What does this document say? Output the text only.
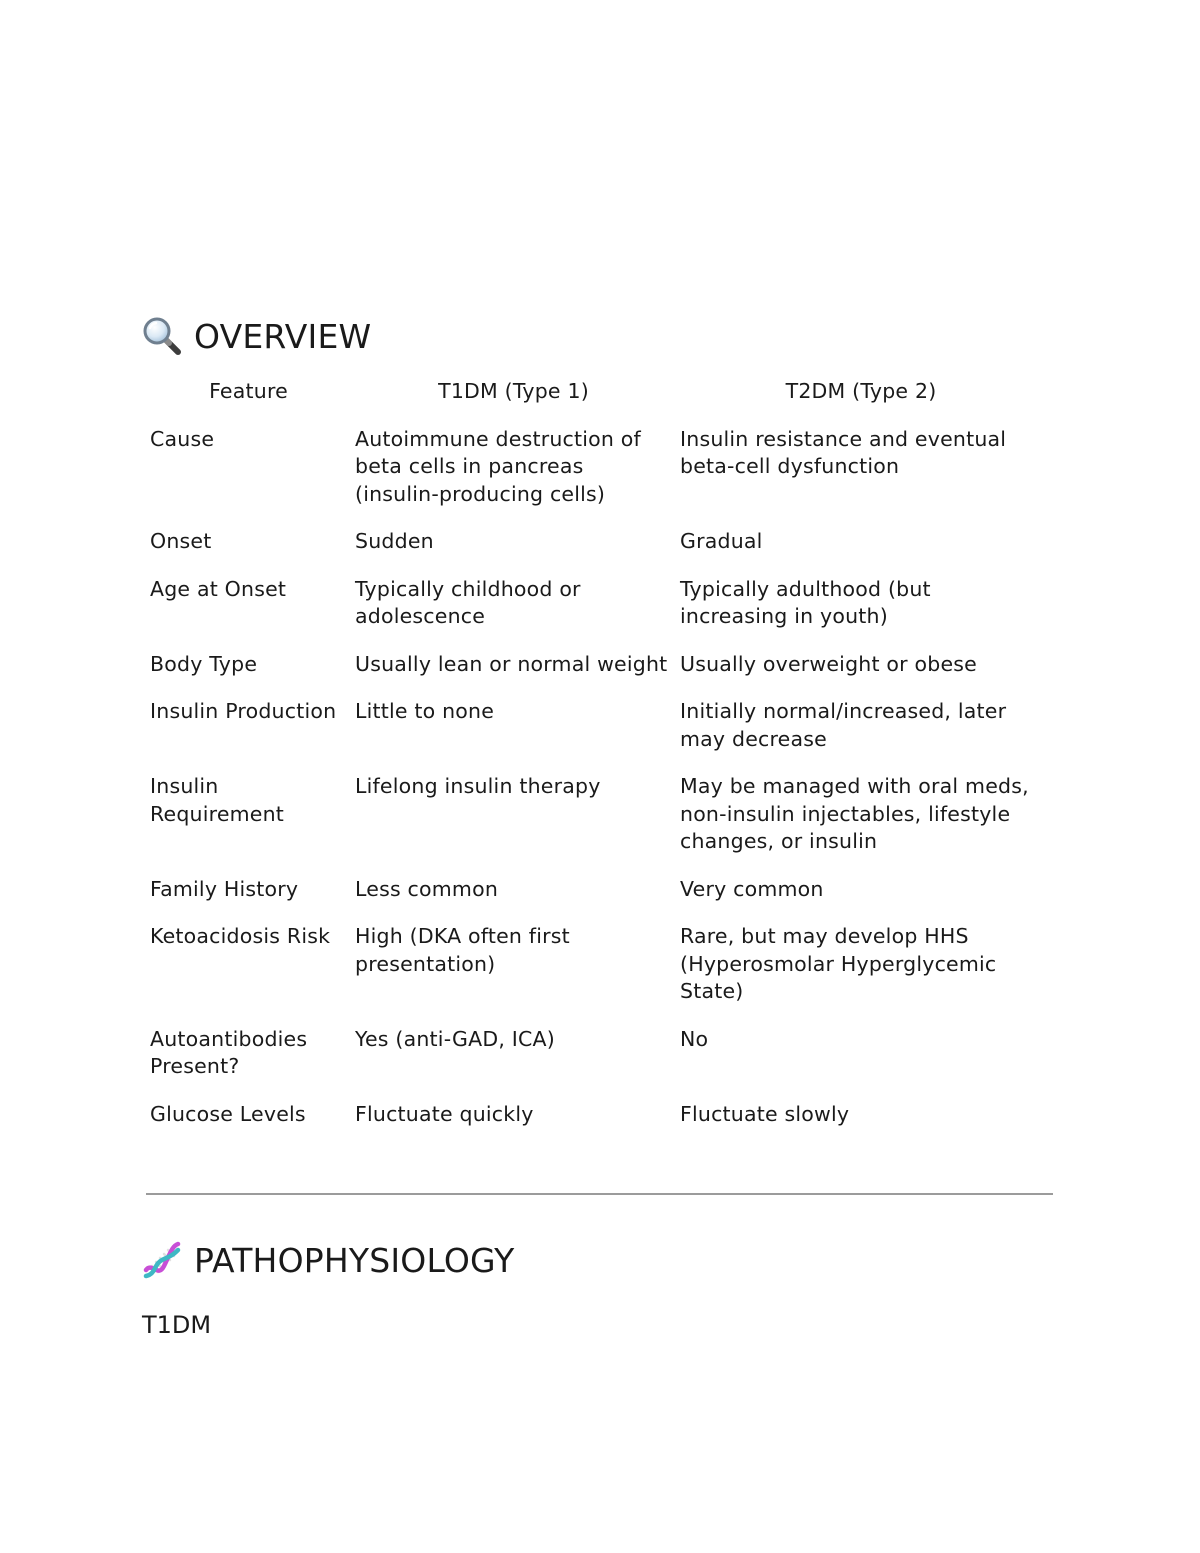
OVERVIEW
Feature	T1DM (Type 1)	T2DM (Type 2)
Cause	Autoimmune destruction of beta cells in pancreas (insulin-producing cells)	Insulin resistance and eventual beta-cell dysfunction
Onset	Sudden	Gradual
Age at Onset	Typically childhood or adolescence	Typically adulthood (but increasing in youth)
Body Type	Usually lean or normal weight	Usually overweight or obese
Insulin Production	Little to none	Initially normal/increased, later may decrease
Insulin Requirement	Lifelong insulin therapy	May be managed with oral meds, non-insulin injectables, lifestyle changes, or insulin
Family History	Less common	Very common
Ketoacidosis Risk	High (DKA often first presentation)	Rare, but may develop HHS (Hyperosmolar Hyperglycemic State)
Autoantibodies Present?	Yes (anti-GAD, ICA)	No
Glucose Levels	Fluctuate quickly	Fluctuate slowly
PATHOPHYSIOLOGY
T1DM
